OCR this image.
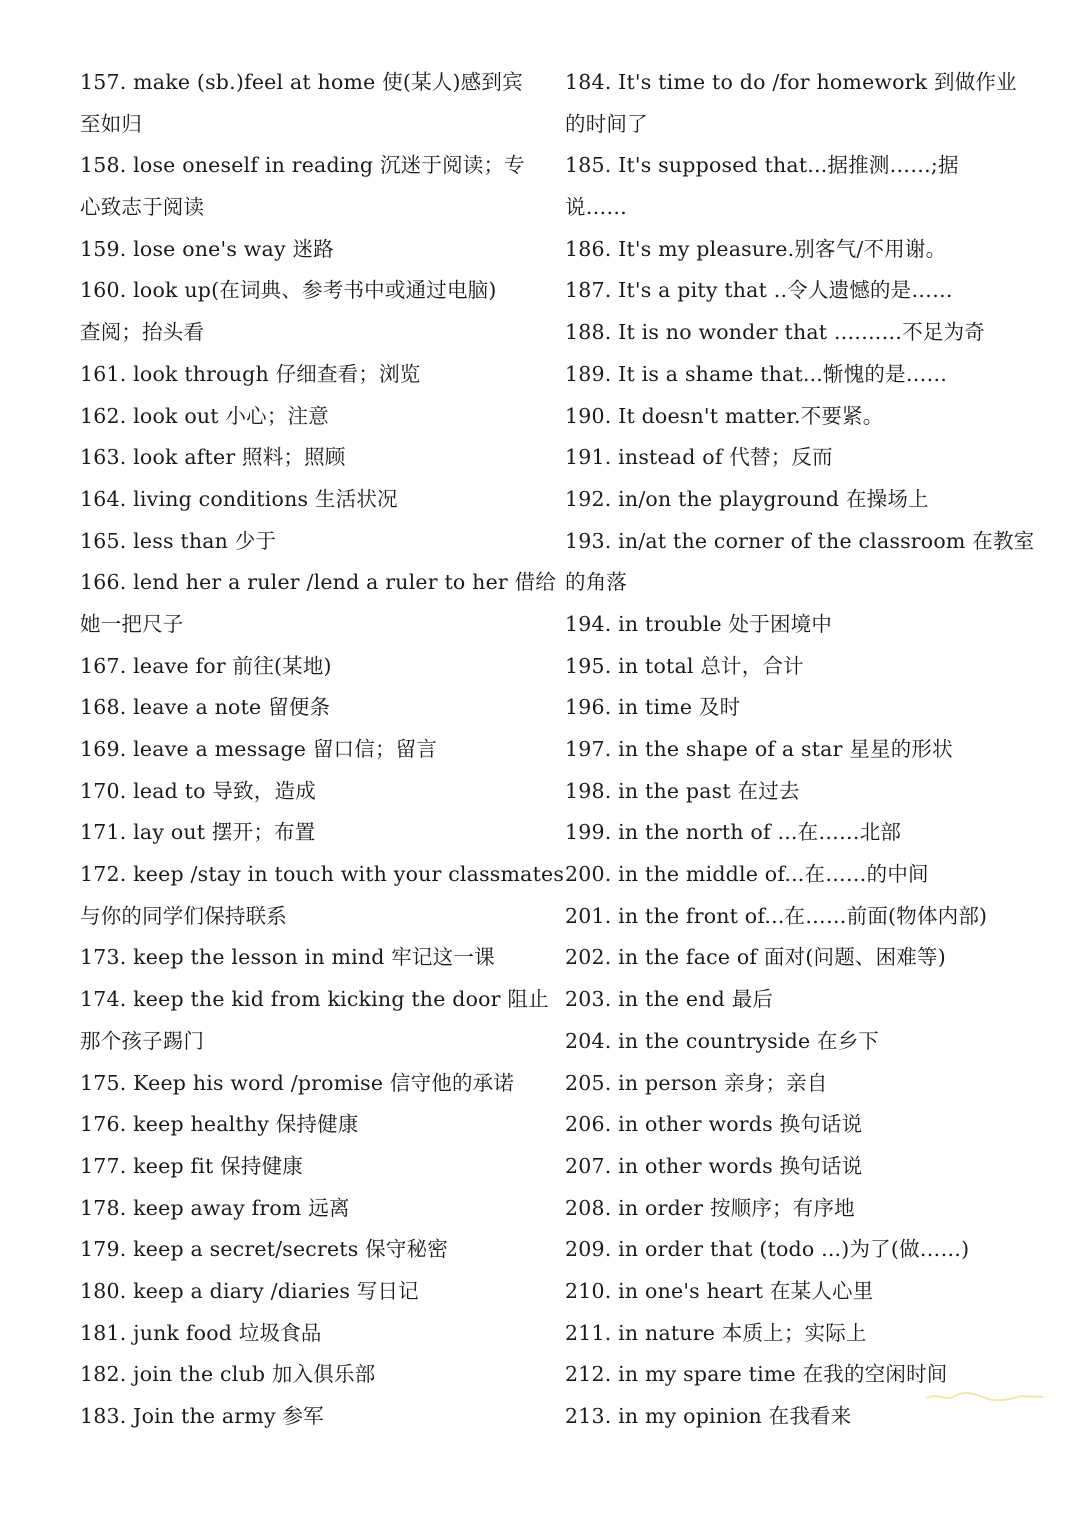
157. make (sb.)feel at home 使(某人)感到宾
至如归
158. lose oneself in reading 沉迷于阅读；专
心致志于阅读
159. lose one's way 迷路
160. look up(在词典、参考书中或通过电脑)
查阅；抬头看
161. look through 仔细查看；浏览
162. look out 小心；注意
163. look after 照料；照顾
164. living conditions 生活状况
165. less than 少于
166. lend her a ruler /lend a ruler to her 借给
她一把尺子
167. leave for 前往(某地)
168. leave a note 留便条
169. leave a message 留口信；留言
170. lead to 导致，造成
171. lay out 摆开；布置
172. keep /stay in touch with your classmates
与你的同学们保持联系
173. keep the lesson in mind 牢记这一课
174. keep the kid from kicking the door 阻止
那个孩子踢门
175. Keep his word /promise 信守他的承诺
176. keep healthy 保持健康
177. keep fit 保持健康
178. keep away from 远离
179. keep a secret/secrets 保守秘密
180. keep a diary /diaries 写日记
181. junk food 垃圾食品
182. join the club 加入俱乐部
183. Join the army 参军
184. It's time to do /for homework 到做作业
的时间了
185. It's supposed that...据推测……;据
说……
186. It's my pleasure.别客气/不用谢。
187. It's a pity that ..令人遗憾的是……
188. It is no wonder that ..…..…不足为奇
189. It is a shame that...惭愧的是……
190. It doesn't matter.不要紧。
191. instead of 代替；反而
192. in/on the playground 在操场上
193. in/at the corner of the classroom 在教室
的角落
194. in trouble 处于困境中
195. in total 总计，合计
196. in time 及时
197. in the shape of a star 星星的形状
198. in the past 在过去
199. in the north of ...在……北部
200. in the middle of...在……的中间
201. in the front of...在……前面(物体内部)
202. in the face of 面对(问题、困难等)
203. in the end 最后
204. in the countryside 在乡下
205. in person 亲身；亲自
206. in other words 换句话说
207. in other words 换句话说
208. in order 按顺序；有序地
209. in order that (todo ...)为了(做……)
210. in one's heart 在某人心里
211. in nature 本质上；实际上
212. in my spare time 在我的空闲时间
213. in my opinion 在我看来
